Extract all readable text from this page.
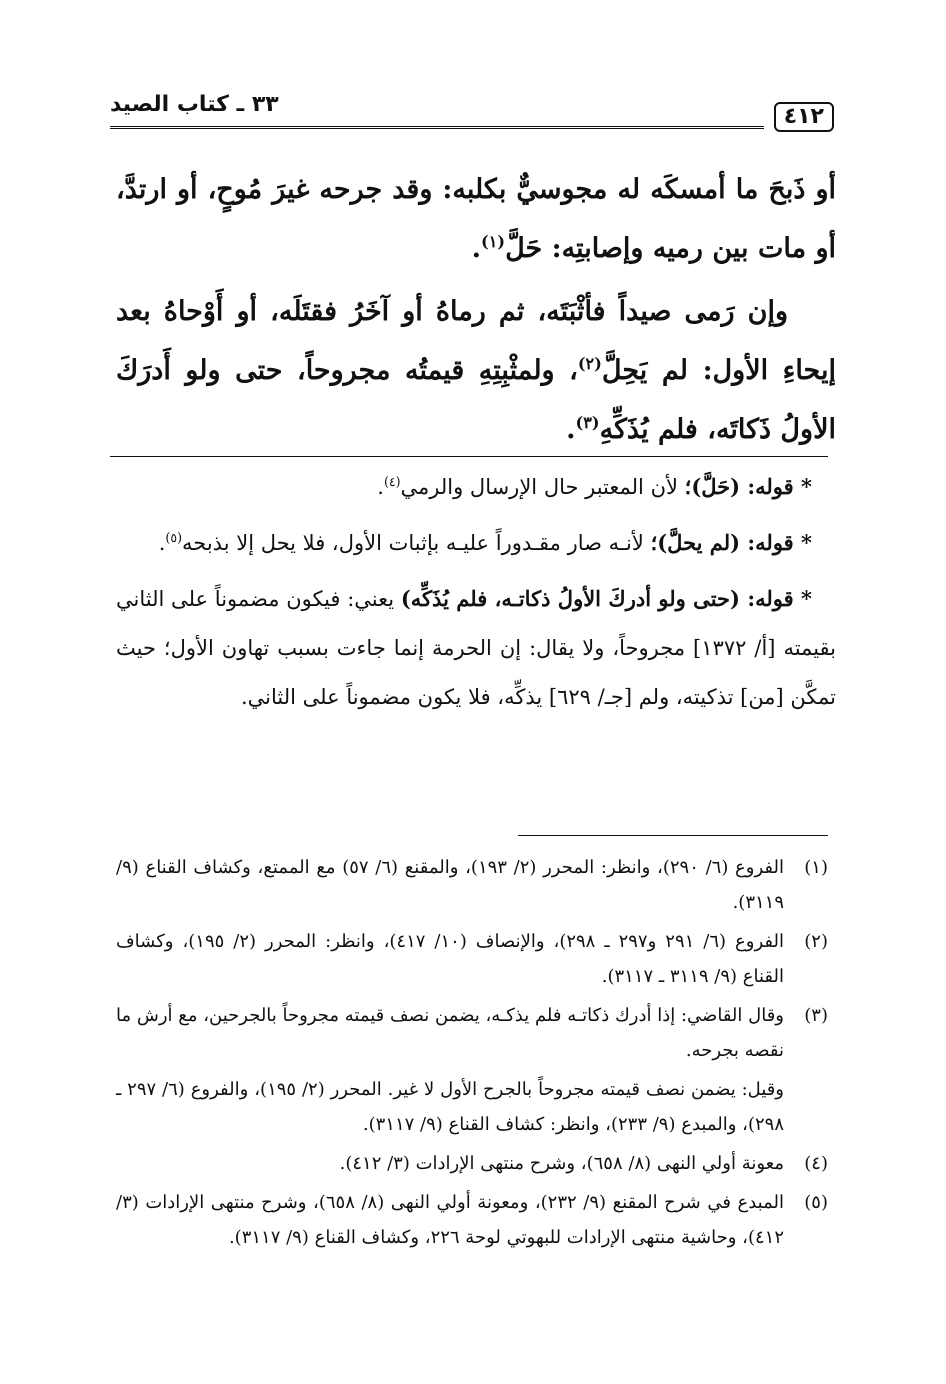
٤١٢
٣٣ ـ كتاب الصيد

أو ذَبحَ ما أمسكَه له مجوسيٌّ بكلبه: وقد جرحه غيرَ مُوحٍ، أو ارتدَّ، أو مات بين رميه وإصابتِه: حَلَّ$^{(١)}$.

وإن رَمى صيداً فأثْبَتَه، ثم رماهُ أو آخَرُ فقتَلَه، أو أَوْحاهُ بعد إيحاءِ الأول: لم يَحِلَّ$^{(٢)}$، ولمثْبِتِهِ قيمتُه مجروحاً، حتى ولو أَدرَكَ الأولُ ذَكاتَه، فلم يُذَكِّهِ$^{(٣)}$.

* قوله: (حَلَّ)؛ لأن المعتبر حال الإرسال والرمي$^{(٤)}$.

* قوله: (لم يحلَّ)؛ لأنـه صار مقـدوراً عليـه بإثبات الأول، فلا يحل إلا بذبحه$^{(٥)}$.

* قوله: (حتى ولو أدركَ الأولُ ذكاتـه، فلم يُذَكِّه) يعني: فيكون مضموناً على الثاني بقيمته [أ/ ١٣٧٢] مجروحاً، ولا يقال: إن الحرمة إنما جاءت بسبب تهاون الأول؛ حيث تمكَّن [من] تذكيته، ولم [جـ/ ٦٢٩] يذكِّه، فلا يكون مضموناً على الثاني.

(١)
الفروع (٦/ ٢٩٠)، وانظر: المحرر (٢/ ١٩٣)، والمقنع (٦/ ٥٧) مع الممتع، وكشاف القناع (٩/ ٣١١٩).
(٢)
الفروع (٦/ ٢٩١ و٢٩٧ ـ ٢٩٨)، والإنصاف (١٠/ ٤١٧)، وانظر: المحرر (٢/ ١٩٥)، وكشاف القناع (٩/ ٣١١٩ ـ ٣١١٧).
(٣)
وقال القاضي: إذا أدرك ذكاتـه فلم يذكـه، يضمن نصف قيمته مجروحاً بالجرحين، مع أرش ما نقصه بجرحه.
وقيل: يضمن نصف قيمته مجروحاً بالجرح الأول لا غير. المحرر (٢/ ١٩٥)، والفروع (٦/ ٢٩٧ ـ ٢٩٨)، والمبدع (٩/ ٢٣٣)، وانظر: كشاف القناع (٩/ ٣١١٧).
(٤)
معونة أولي النهى (٨/ ٦٥٨)، وشرح منتهى الإرادات (٣/ ٤١٢).
(٥)
المبدع في شرح المقنع (٩/ ٢٣٢)، ومعونة أولي النهى (٨/ ٦٥٨)، وشرح منتهى الإرادات (٣/ ٤١٢)، وحاشية منتهى الإرادات للبهوتي لوحة ٢٢٦، وكشاف القناع (٩/ ٣١١٧).
